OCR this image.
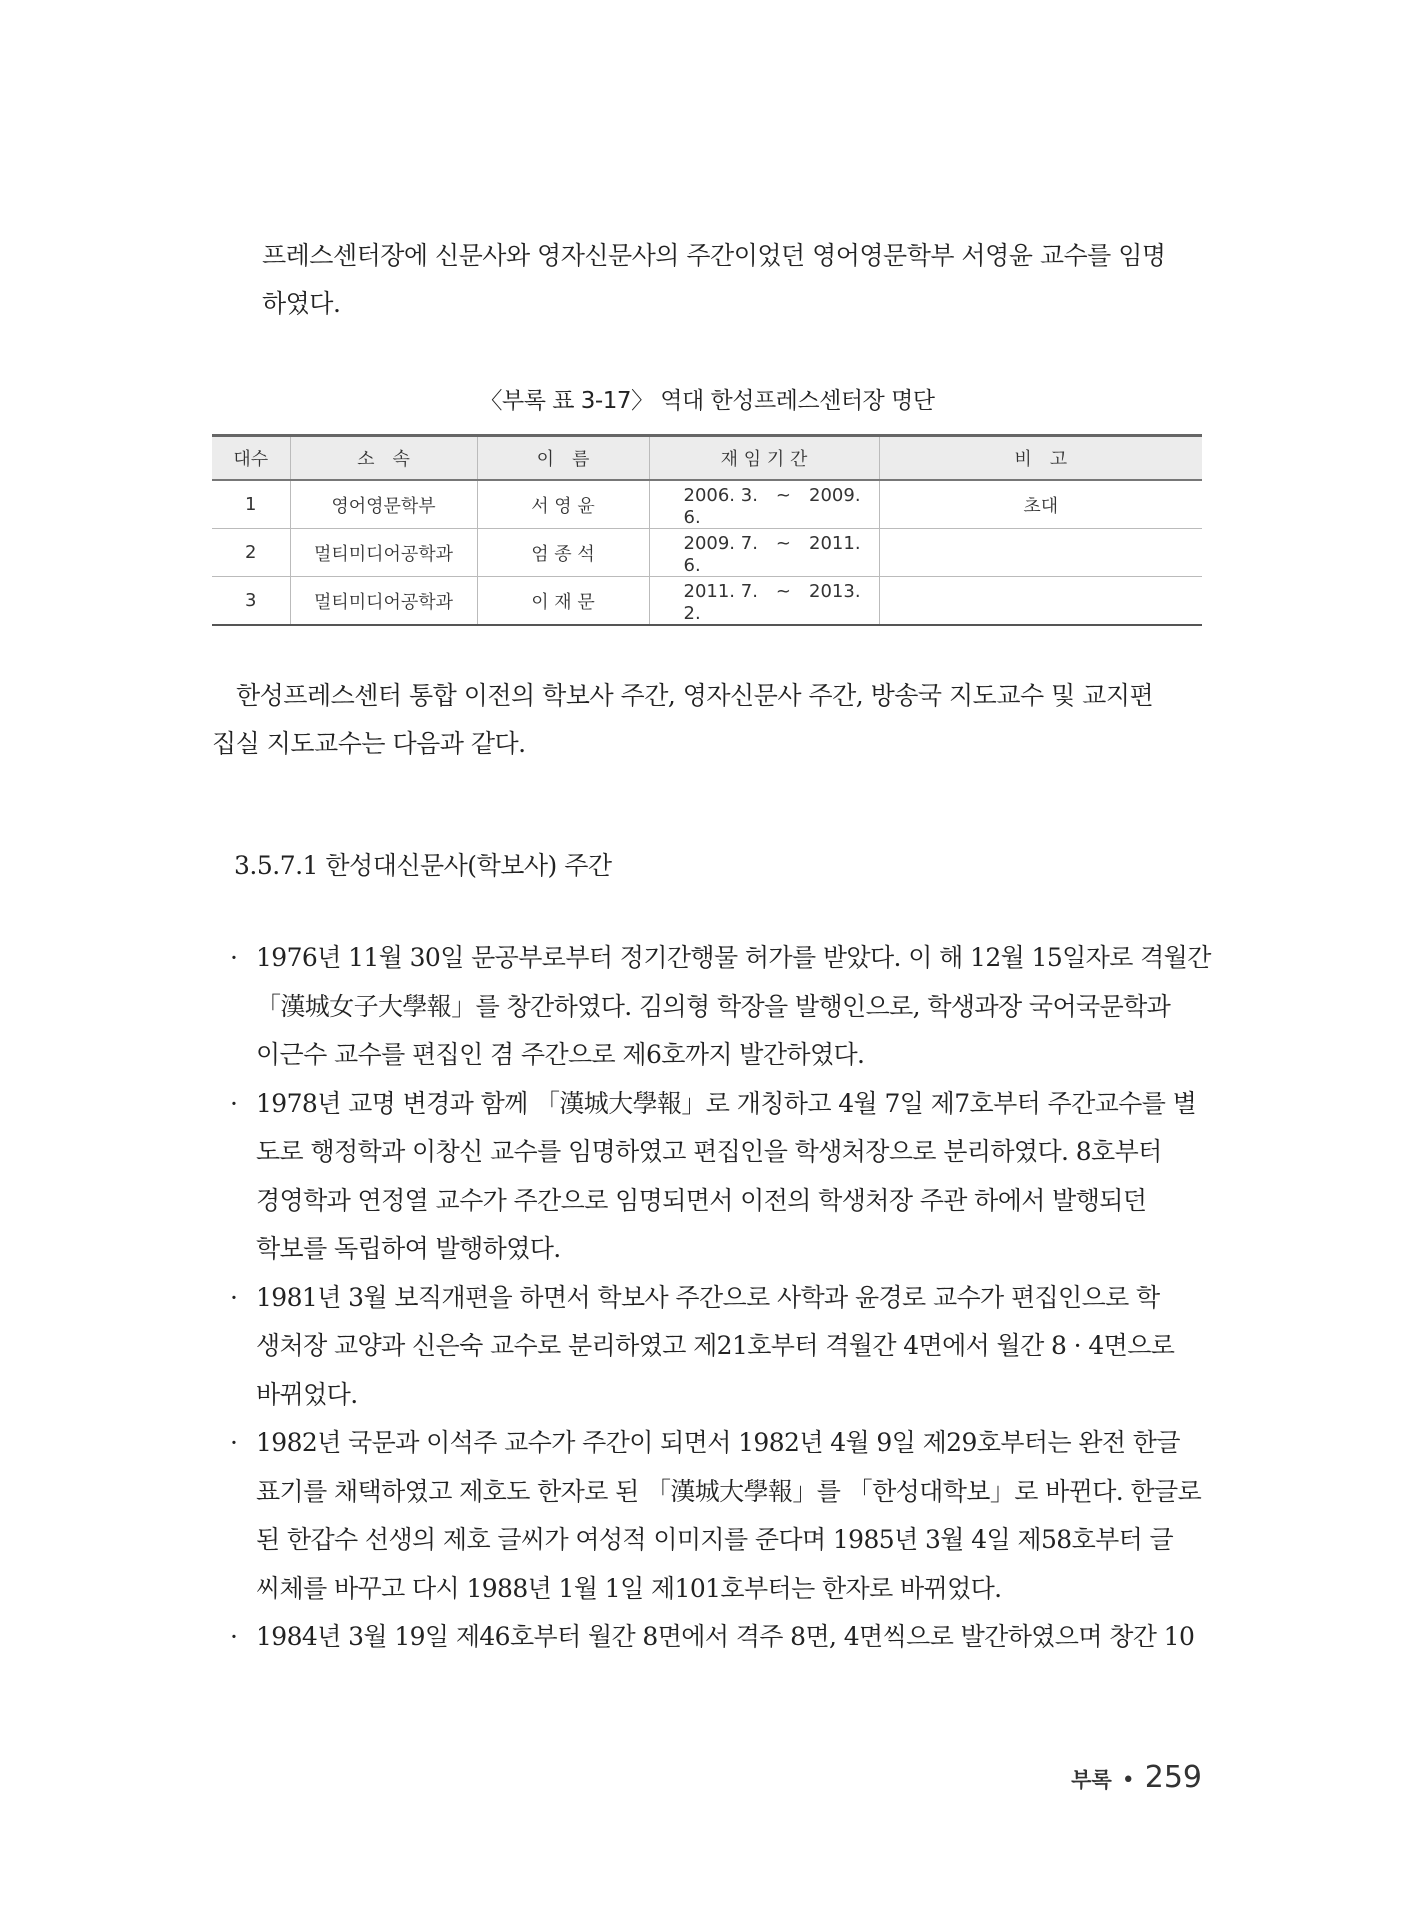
프레스센터장에 신문사와 영자신문사의 주간이었던 영어영문학부 서영윤 교수를 임명
하였다.

〈부록 표 3-17〉 역대 한성프레스센터장 명단
대수	소　속	이　름	재 임 기 간	비　고
1	영어영문학부	서 영 윤	2006. 3.　~　2009. 6.	초대
2	멀티미디어공학과	엄 종 석	2009. 7.　~　2011. 6.	
3	멀티미디어공학과	이 재 문	2011. 7.　~　2013. 2.	

한성프레스센터 통합 이전의 학보사 주간, 영자신문사 주간, 방송국 지도교수 및 교지편
집실 지도교수는 다음과 같다.

3.5.7.1 한성대신문사(학보사) 주간
· 1976년 11월 30일 문공부로부터 정기간행물 허가를 받았다. 이 해 12월 15일자로 격월간
「漢城女子大學報」를 창간하였다. 김의형 학장을 발행인으로, 학생과장 국어국문학과
이근수 교수를 편집인 겸 주간으로 제6호까지 발간하였다.
· 1978년 교명 변경과 함께 「漢城大學報」로 개칭하고 4월 7일 제7호부터 주간교수를 별
도로 행정학과 이창신 교수를 임명하였고 편집인을 학생처장으로 분리하였다. 8호부터
경영학과 연정열 교수가 주간으로 임명되면서 이전의 학생처장 주관 하에서 발행되던
학보를 독립하여 발행하였다.
· 1981년 3월 보직개편을 하면서 학보사 주간으로 사학과 윤경로 교수가 편집인으로 학
생처장 교양과 신은숙 교수로 분리하였고 제21호부터 격월간 4면에서 월간 8 · 4면으로
바뀌었다.
· 1982년 국문과 이석주 교수가 주간이 되면서 1982년 4월 9일 제29호부터는 완전 한글
표기를 채택하였고 제호도 한자로 된 「漢城大學報」를 「한성대학보」로 바뀐다. 한글로
된 한갑수 선생의 제호 글씨가 여성적 이미지를 준다며 1985년 3월 4일 제58호부터 글
씨체를 바꾸고 다시 1988년 1월 1일 제101호부터는 한자로 바뀌었다.
· 1984년 3월 19일 제46호부터 월간 8면에서 격주 8면, 4면씩으로 발간하였으며 창간 10
부록 • 259
